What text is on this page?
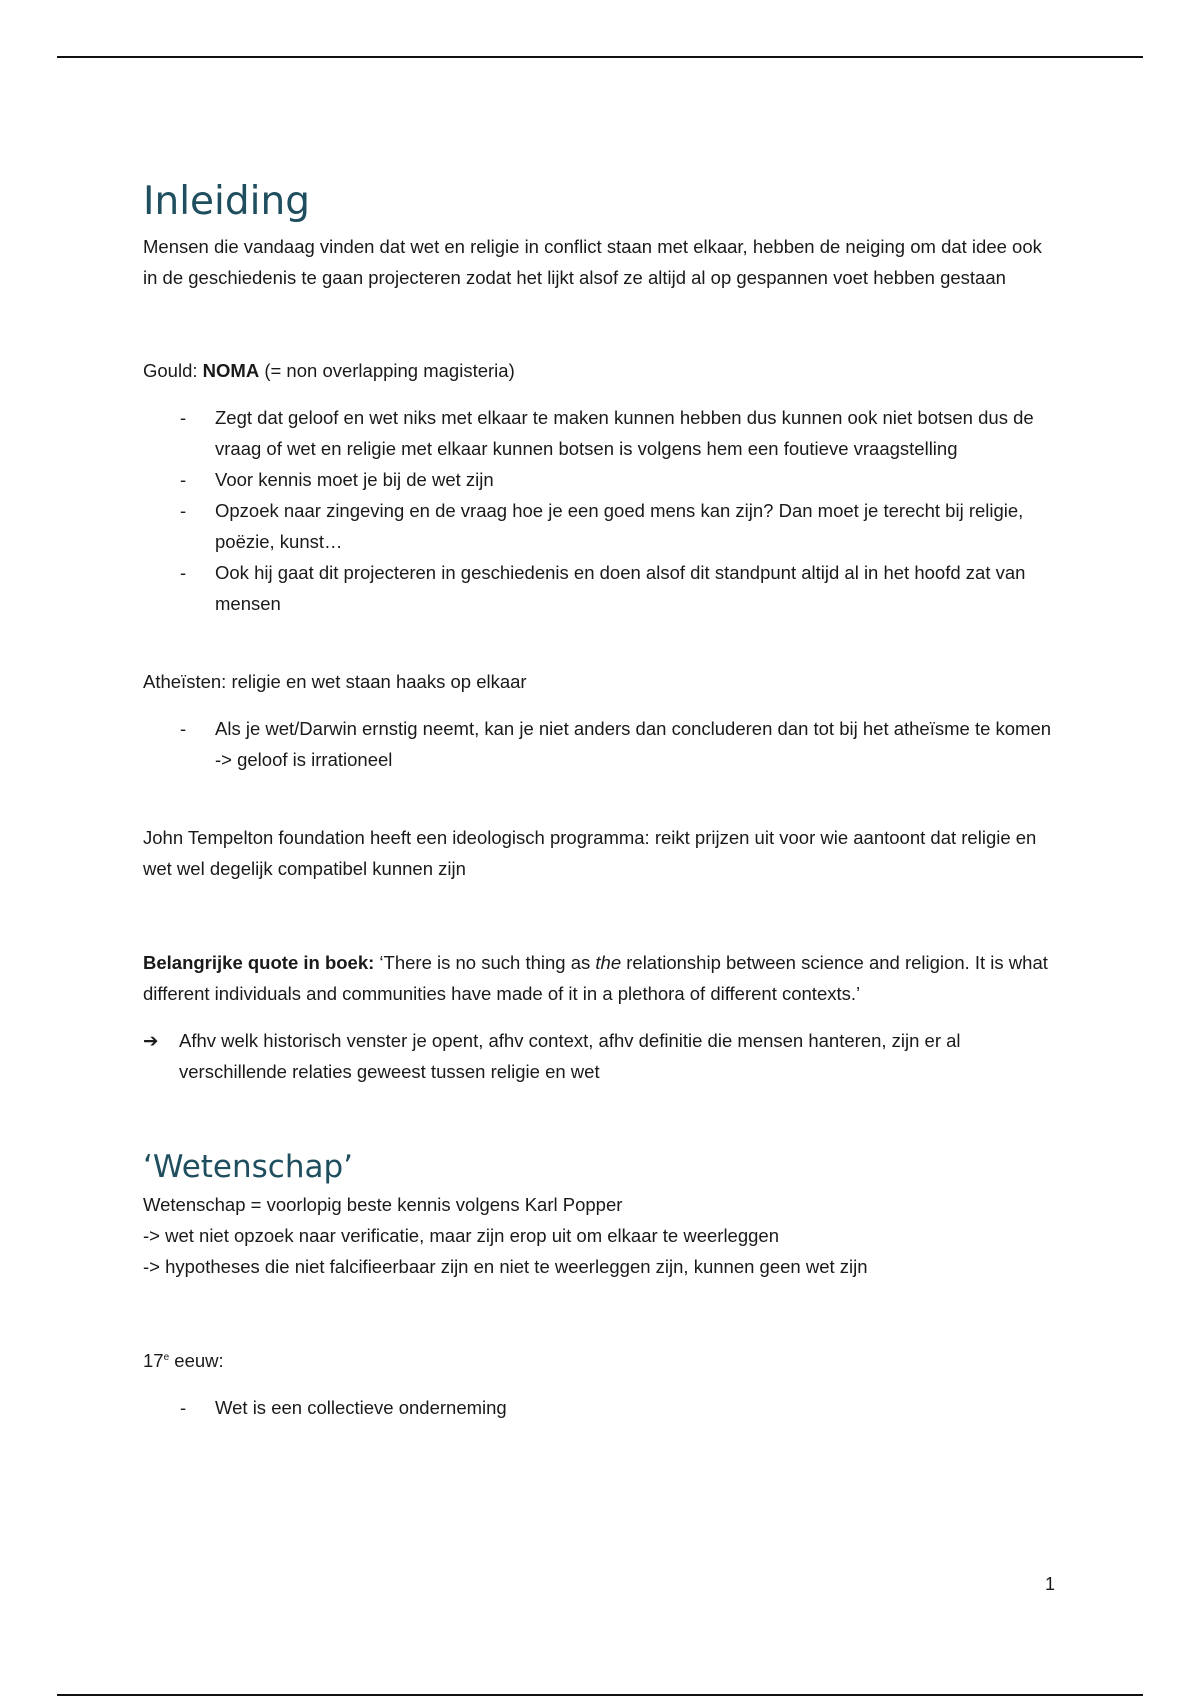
Inleiding

Mensen die vandaag vinden dat wet en religie in conflict staan met elkaar, hebben de neiging om dat idee ook in de geschiedenis te gaan projecteren zodat het lijkt alsof ze altijd al op gespannen voet hebben gestaan

Gould: NOMA (= non overlapping magisteria)

- Zegt dat geloof en wet niks met elkaar te maken kunnen hebben dus kunnen ook niet botsen dus de vraag of wet en religie met elkaar kunnen botsen is volgens hem een foutieve vraagstelling
- Voor kennis moet je bij de wet zijn
- Opzoek naar zingeving en de vraag hoe je een goed mens kan zijn? Dan moet je terecht bij religie, poëzie, kunst…
- Ook hij gaat dit projecteren in geschiedenis en doen alsof dit standpunt altijd al in het hoofd zat van mensen

Atheïsten: religie en wet staan haaks op elkaar

- Als je wet/Darwin ernstig neemt, kan je niet anders dan concluderen dan tot bij het atheïsme te komen -> geloof is irrationeel

John Tempelton foundation heeft een ideologisch programma: reikt prijzen uit voor wie aantoont dat religie en wet wel degelijk compatibel kunnen zijn

Belangrijke quote in boek: ‘There is no such thing as the relationship between science and religion. It is what different individuals and communities have made of it in a plethora of different contexts.’

➔ Afhv welk historisch venster je opent, afhv context, afhv definitie die mensen hanteren, zijn er al verschillende relaties geweest tussen religie en wet
‘Wetenschap’

Wetenschap = voorlopig beste kennis volgens Karl Popper

-> wet niet opzoek naar verificatie, maar zijn erop uit om elkaar te weerleggen

-> hypotheses die niet falcifieerbaar zijn en niet te weerleggen zijn, kunnen geen wet zijn

17e eeuw:

- Wet is een collectieve onderneming
1
